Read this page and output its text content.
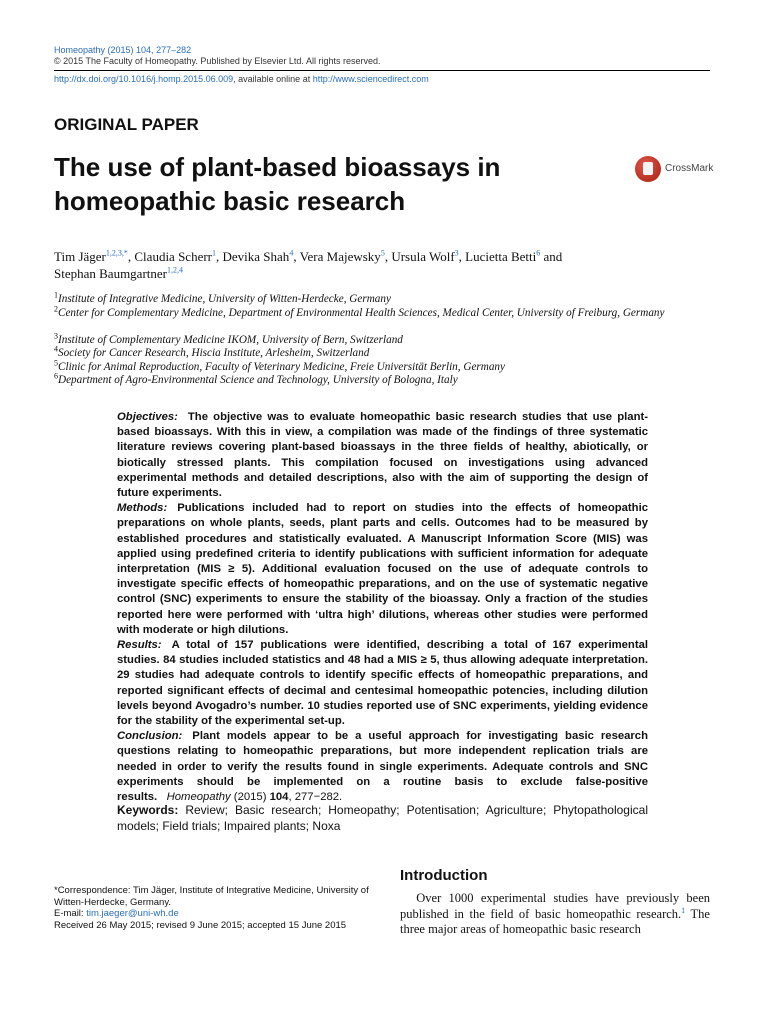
Homeopathy (2015) 104, 277–282
© 2015 The Faculty of Homeopathy. Published by Elsevier Ltd. All rights reserved.
http://dx.doi.org/10.1016/j.homp.2015.06.009, available online at http://www.sciencedirect.com
ORIGINAL PAPER
The use of plant-based bioassays in homeopathic basic research
CrossMark
Tim Jäger$^{1,2,3,*}$, Claudia Scherr$^1$, Devika Shah$^4$, Vera Majewsky$^5$, Ursula Wolf$^3$, Lucietta Betti$^6$ and
Stephan Baumgartner$^{1,2,4}$
$^1$Institute of Integrative Medicine, University of Witten-Herdecke, Germany
$^2$Center for Complementary Medicine, Department of Environmental Health Sciences, Medical Center, University of Freiburg, Germany
$^3$Institute of Complementary Medicine IKOM, University of Bern, Switzerland
$^4$Society for Cancer Research, Hiscia Institute, Arlesheim, Switzerland
$^5$Clinic for Animal Reproduction, Faculty of Veterinary Medicine, Freie Universität Berlin, Germany
$^6$Department of Agro-Environmental Science and Technology, University of Bologna, Italy
Objectives: The objective was to evaluate homeopathic basic research studies that use plant-based bioassays. With this in view, a compilation was made of the findings of three systematic literature reviews covering plant-based bioassays in the three fields of healthy, abiotically, or biotically stressed plants. This compilation focused on investigations using advanced experimental methods and detailed descriptions, also with the aim of supporting the design of future experiments.
Methods: Publications included had to report on studies into the effects of homeopathic preparations on whole plants, seeds, plant parts and cells. Outcomes had to be measured by established procedures and statistically evaluated. A Manuscript Information Score (MIS) was applied using predefined criteria to identify publications with sufficient information for adequate interpretation (MIS ≥ 5). Additional evaluation focused on the use of adequate controls to investigate specific effects of homeopathic preparations, and on the use of systematic negative control (SNC) experiments to ensure the stability of the bioassay. Only a fraction of the studies reported here were performed with ‘ultra high’ dilutions, whereas other studies were performed with moderate or high dilutions.
Results: A total of 157 publications were identified, describing a total of 167 experimental studies. 84 studies included statistics and 48 had a MIS ≥ 5, thus allowing adequate interpretation. 29 studies had adequate controls to identify specific effects of homeopathic preparations, and reported significant effects of decimal and centesimal homeopathic potencies, including dilution levels beyond Avogadro’s number. 10 studies reported use of SNC experiments, yielding evidence for the stability of the experimental set-up.
Conclusion: Plant models appear to be a useful approach for investigating basic research questions relating to homeopathic preparations, but more independent replication trials are needed in order to verify the results found in single experiments. Adequate controls and SNC experiments should be implemented on a routine basis to exclude false-positive results. Homeopathy (2015) 104, 277−282.
Keywords: Review; Basic research; Homeopathy; Potentisation; Agriculture; Phytopathological models; Field trials; Impaired plants; Noxa
*Correspondence: Tim Jäger, Institute of Integrative Medicine, University of Witten-Herdecke, Germany.
E-mail: tim.jaeger@uni-wh.de
Received 26 May 2015; revised 9 June 2015; accepted 15 June 2015
Introduction
Over 1000 experimental studies have previously been published in the field of basic homeopathic research.$^1$ The three major areas of homeopathic basic research
